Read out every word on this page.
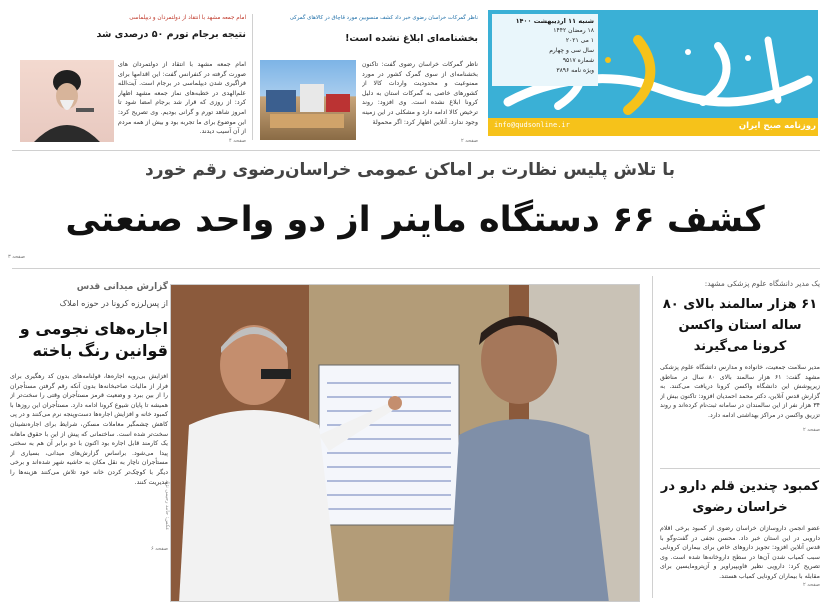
شنبه ۱۱ اردیبهشت ۱۴۰۰
۱۸ رمضان ۱۴۴۲
۱ می ۲۰۲۱
سال سی و چهارم
شماره ۹۵۱۷
ویژه نامه ۳۸۹۶
روزنامه صبح ایران
info@qudsonline.ir
ناظر گمرکات خراسان رضوی خبر داد کشف منسوبین مورد قاچاق در کالاهای گمرکی
بخشنامه‌ای ابلاغ نشده است!
ناظر گمرکات خراسان رضوی گفت: تاکنون بخشنامه‌ای از سوی گمرک کشور در مورد ممنوعیت و محدودیت واردات کالا از کشورهای خاصی به گمرکات استان به دلیل کرونا ابلاغ نشده است. وی افزود: روند ترخیص کالا ادامه دارد و مشکلی در این زمینه وجود ندارد. آنلاین اظهار کرد: اگر محمولهٔ
صفحه ۲
امام جمعه مشهد با انتقاد از دولتمردان و دیپلماسی
نتیجه برجام تورم ۵۰ درصدی شد
امام جمعه مشهد با انتقاد از دولتمردان های صورت گرفته در کنفرانس گفت: این اقدامها برای فراگیری شدن دیپلماسی در برجام است. آیت‌الله علم‌الهدی در خطبه‌های نماز جمعه مشهد اظهار کرد: از روزی که قرار شد برجام امضا شود تا امروز شاهد تورم و گرانی بودیم. وی تصریح کرد: این موضوع برای ما تجربه بود و بیش از همه مردم از آن آسیب دیدند.
صفحه ۴
با تلاش پلیس نظارت بر اماکن عمومی خراسان‌رضوی رقم خورد
کشف ۶۶ دستگاه ماینر از دو واحد صنعتی
صفحه ۳
گزارش میدانی قدس
از پس‌لرزه کرونا در حوزه املاک
اجاره‌های نجومی و قوانین رنگ باخته
افزایش بی‌رویه اجاره‌ها، قولنامه‌های بدون کد رهگیری برای فرار از مالیات صاحبخانه‌ها بدون آنکه رقم گرفتن مستأجران را از بین ببرد و وضعیت قرمز مستأجران وقتی را سخت‌تر از همیشه تا پایان شیوع کرونا ادامه دارد. مستأجران این روزها با کمبود خانه و افزایش اجاره‌ها دست‌وپنجه نرم می‌کنند و در پی کاهش چشمگیر معاملات مسکن، شرایط برای اجاره‌نشینان سخت‌تر شده است. ساختمانی که پیش از این با حقوق ماهانه یک کارمند قابل اجاره بود اکنون با دو برابر آن هم به سختی پیدا می‌شود. براساس گزارش‌های میدانی، بسیاری از مستأجران ناچار به نقل مکان به حاشیه شهر شده‌اند و برخی دیگر با کوچک‌تر کردن خانه خود تلاش می‌کنند هزینه‌ها را مدیریت کنند.
صفحه ۶
عکس: حامد رحیمی نژاد
یک مدیر دانشگاه علوم پزشکی مشهد:
۶۱ هزار سالمند بالای ۸۰ ساله استان واکسن کرونا می‌گیرند
مدیر سلامت جمعیت، خانواده و مدارس دانشگاه علوم پزشکی مشهد گفت: ۶۱ هزار سالمند بالای ۸۰ سال در مناطق زیرپوشش این دانشگاه واکسن کرونا دریافت می‌کنند. به گزارش قدس آنلاین، دکتر محمد احمدیان افزود: تاکنون بیش از ۳۴ هزار نفر از این سالمندان در سامانه ثبت‌نام کرده‌اند و روند تزریق واکسن در مراکز بهداشتی ادامه دارد.
صفحه ۲
کمبود چندین قلم دارو در خراسان رضوی
عضو انجمن داروسازان خراسان رضوی از کمبود برخی اقلام دارویی در این استان خبر داد. محسن نجفی در گفت‌وگو با قدس آنلاین افزود: تجویز داروهای خاص برای بیماران کرونایی سبب کمیاب شدن آن‌ها در سطح داروخانه‌ها شده است. وی تصریح کرد: دارویی نظیر فاویپیراویر و آزیترومایسین برای مقابله با بیماران کرونایی کمیاب هستند.
صفحه ۲
